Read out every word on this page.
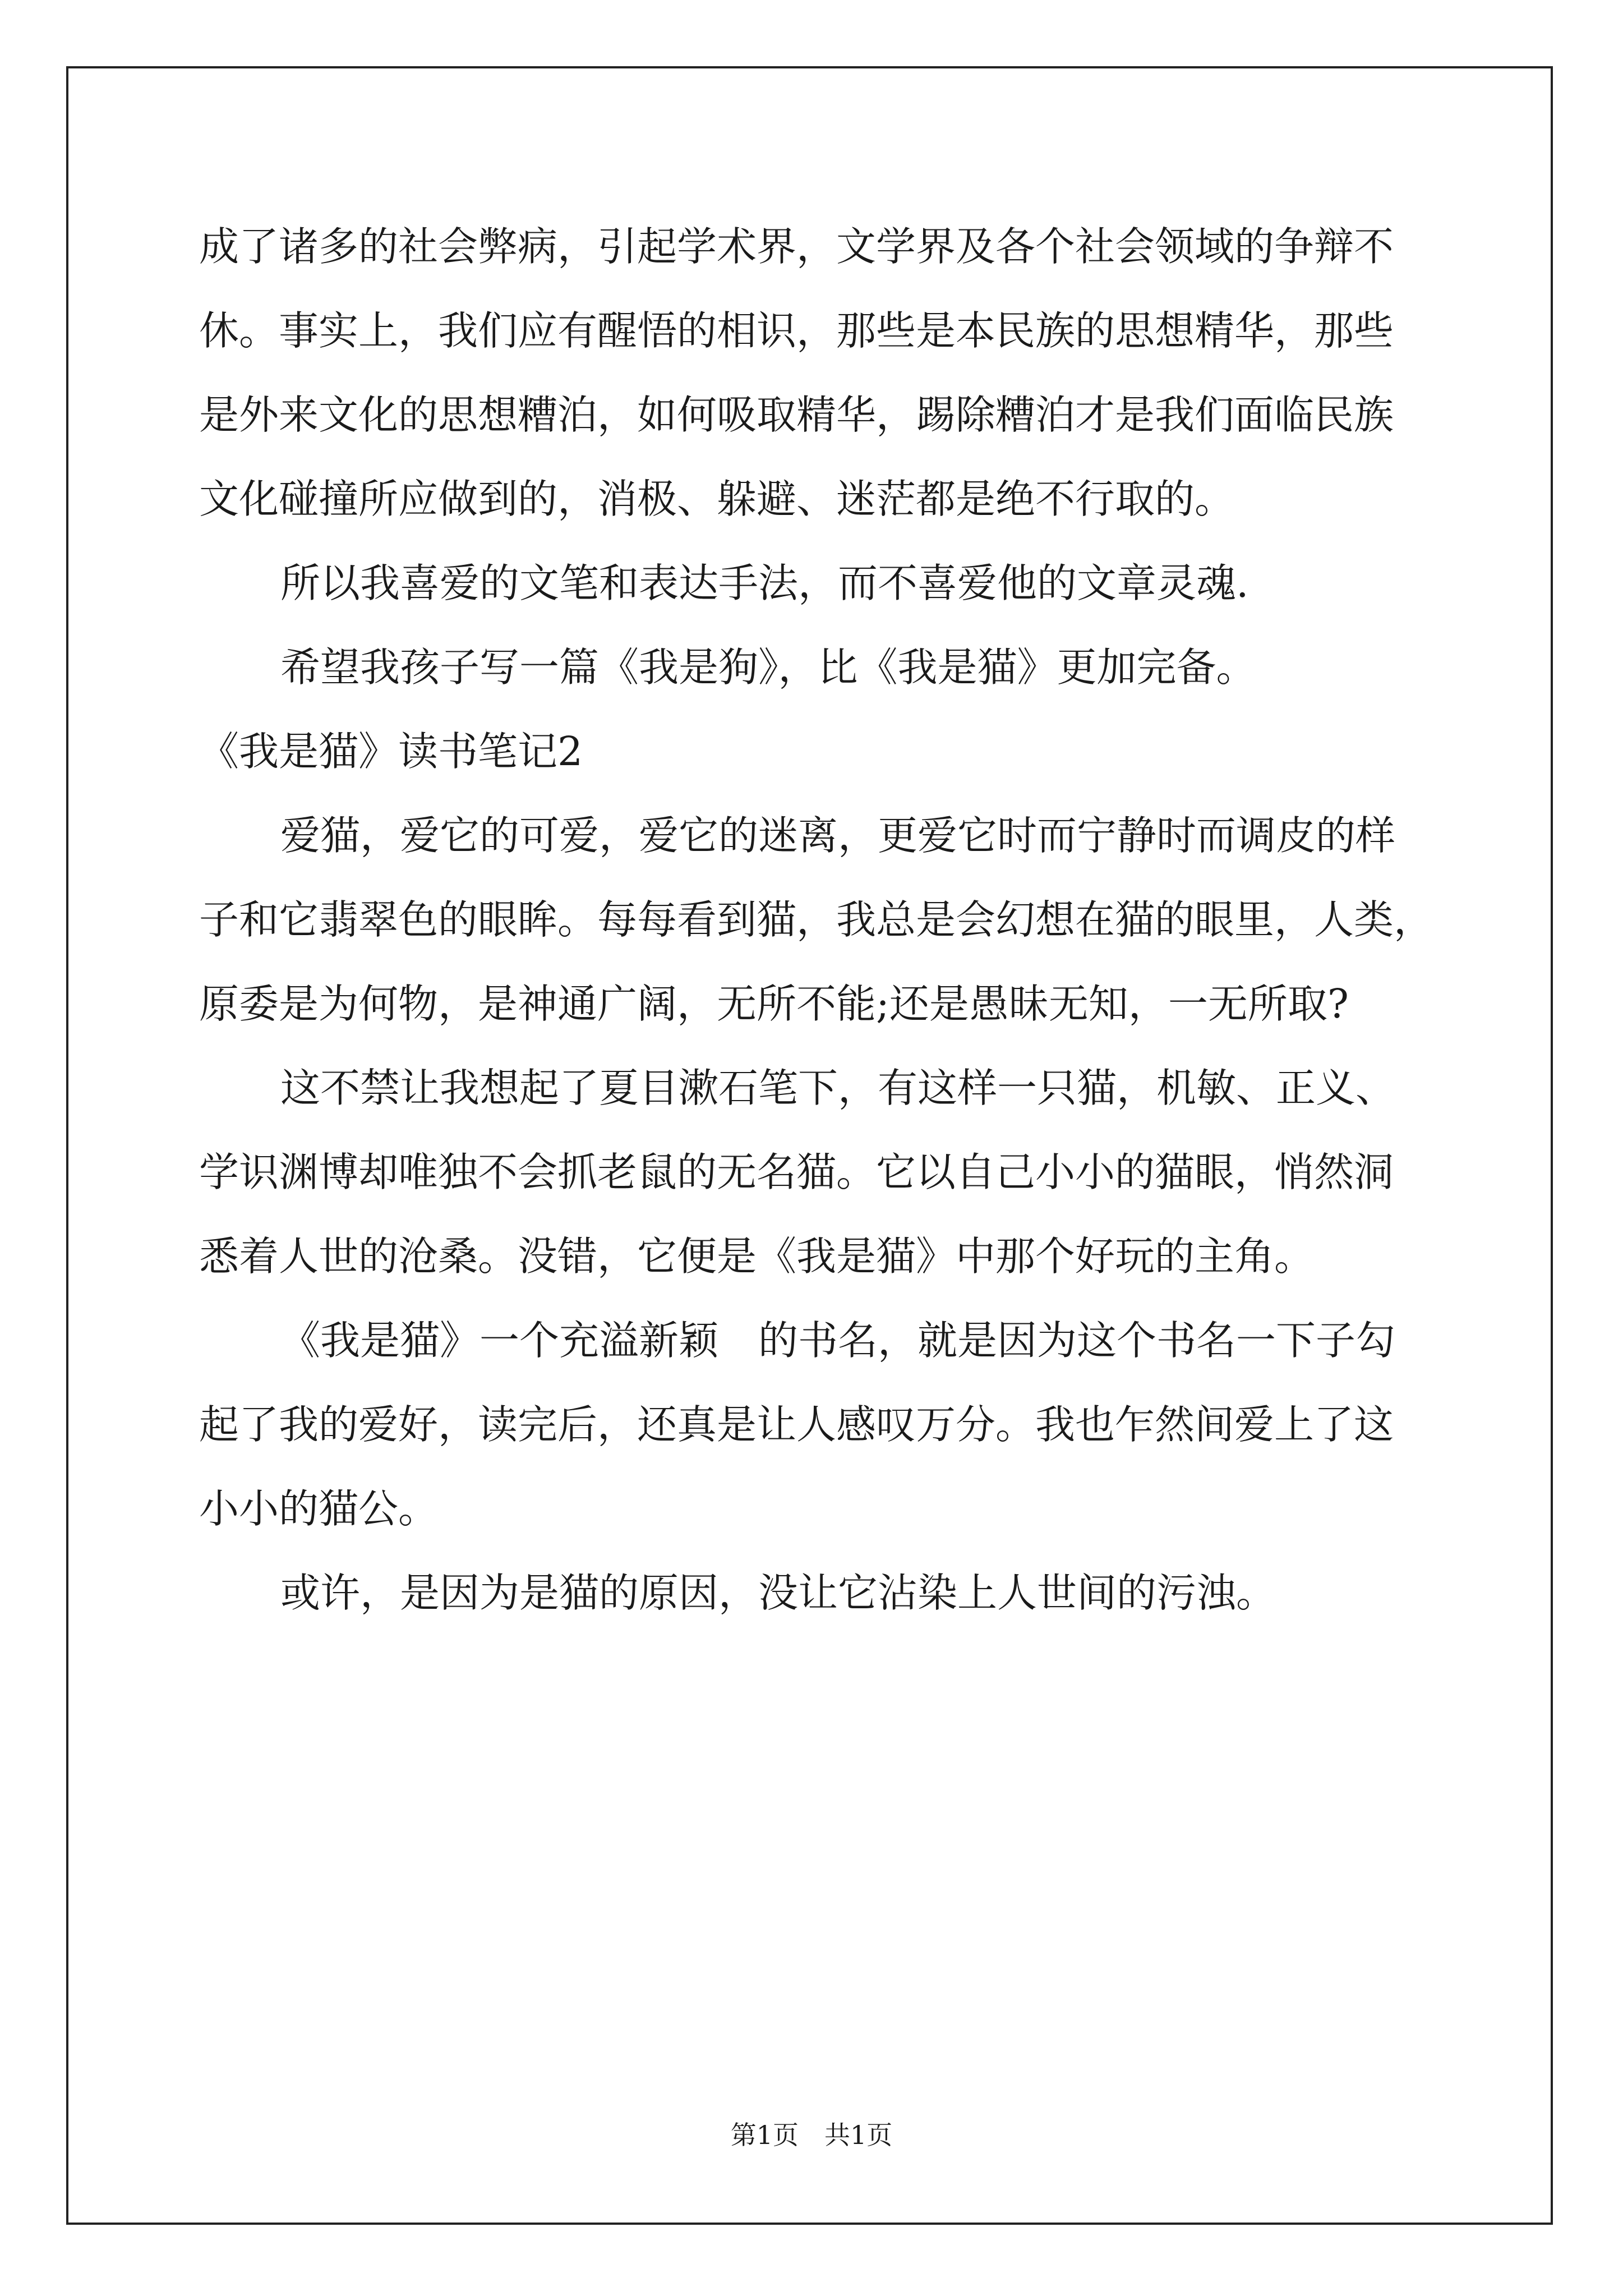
成了诸多的社会弊病，引起学术界，文学界及各个社会领域的争辩不
休。事实上，我们应有醒悟的相识，那些是本民族的思想精华，那些
是外来文化的思想糟泊，如何吸取精华，踢除糟泊才是我们面临民族
文化碰撞所应做到的，消极、躲避、迷茫都是绝不行取的。
所以我喜爱的文笔和表达手法，而不喜爱他的文章灵魂.
希望我孩子写一篇《我是狗》，比《我是猫》更加完备。
《我是猫》读书笔记2
爱猫，爱它的可爱，爱它的迷离，更爱它时而宁静时而调皮的样
子和它翡翠色的眼眸。每每看到猫，我总是会幻想在猫的眼里，人类，
原委是为何物，是神通广阔，无所不能;还是愚昧无知，一无所取?
这不禁让我想起了夏目漱石笔下，有这样一只猫，机敏、正义、
学识渊博却唯独不会抓老鼠的无名猫。它以自己小小的猫眼，悄然洞
悉着人世的沧桑。没错，它便是《我是猫》中那个好玩的主角。
《我是猫》一个充溢新颖　的书名，就是因为这个书名一下子勾
起了我的爱好，读完后，还真是让人感叹万分。我也乍然间爱上了这
小小的猫公。
或许，是因为是猫的原因，没让它沾染上人世间的污浊。
第1页　共1页
